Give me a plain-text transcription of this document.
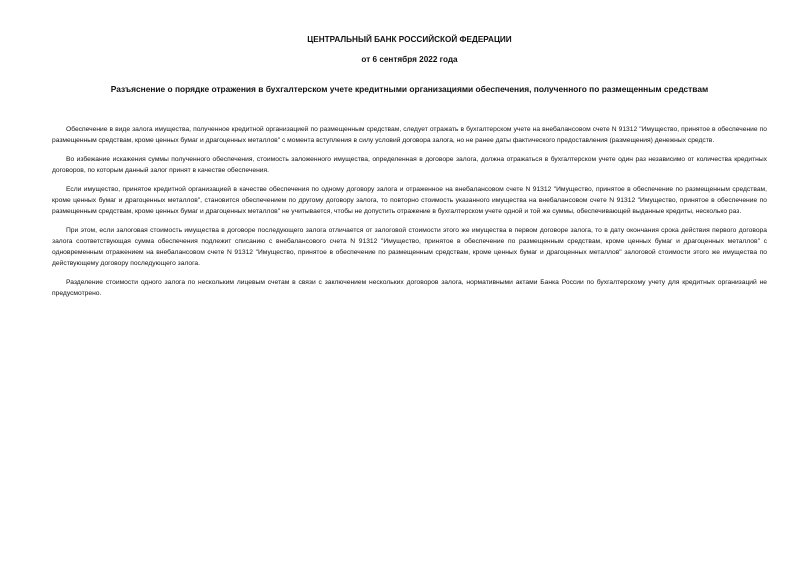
ЦЕНТРАЛЬНЫЙ БАНК РОССИЙСКОЙ ФЕДЕРАЦИИ
от 6 сентября 2022 года
Разъяснение о порядке отражения в бухгалтерском учете кредитными организациями обеспечения, полученного по размещенным средствам

Обеспечение в виде залога имущества, полученное кредитной организацией по размещенным средствам, следует отражать в бухгалтерском учете на внебалансовом счете N 91312 "Имущество, принятое в обеспечение по размещенным средствам, кроме ценных бумаг и драгоценных металлов" с момента вступления в силу условий договора залога, но не ранее даты фактического предоставления (размещения) денежных средств.

Во избежание искажения суммы полученного обеспечения, стоимость заложенного имущества, определенная в договоре залога, должна отражаться в бухгалтерском учете один раз независимо от количества кредитных договоров, по которым данный залог принят в качестве обеспечения.

Если имущество, принятое кредитной организацией в качестве обеспечения по одному договору залога и отраженное на внебалансовом счете N 91312 "Имущество, принятое в обеспечение по размещенным средствам, кроме ценных бумаг и драгоценных металлов", становится обеспечением по другому договору залога, то повторно стоимость указанного имущества на внебалансовом счете N 91312 "Имущество, принятое в обеспечение по размещенным средствам, кроме ценных бумаг и драгоценных металлов" не учитывается, чтобы не допустить отражение в бухгалтерском учете одной и той же суммы, обеспечивающей выданные кредиты, несколько раз.

При этом, если залоговая стоимость имущества в договоре последующего залога отличается от залоговой стоимости этого же имущества в первом договоре залога, то в дату окончания срока действия первого договора залога соответствующая сумма обеспечения подлежит списанию с внебалансового счета N 91312 "Имущество, принятое в обеспечение по размещенным средствам, кроме ценных бумаг и драгоценных металлов" с одновременным отражением на внебалансовом счете N 91312 "Имущество, принятое в обеспечение по размещенным средствам, кроме ценных бумаг и драгоценных металлов" залоговой стоимости этого же имущества по действующему договору последующего залога.

Разделение стоимости одного залога по нескольким лицевым счетам в связи с заключением нескольких договоров залога, нормативными актами Банка России по бухгалтерскому учету для кредитных организаций не предусмотрено.
